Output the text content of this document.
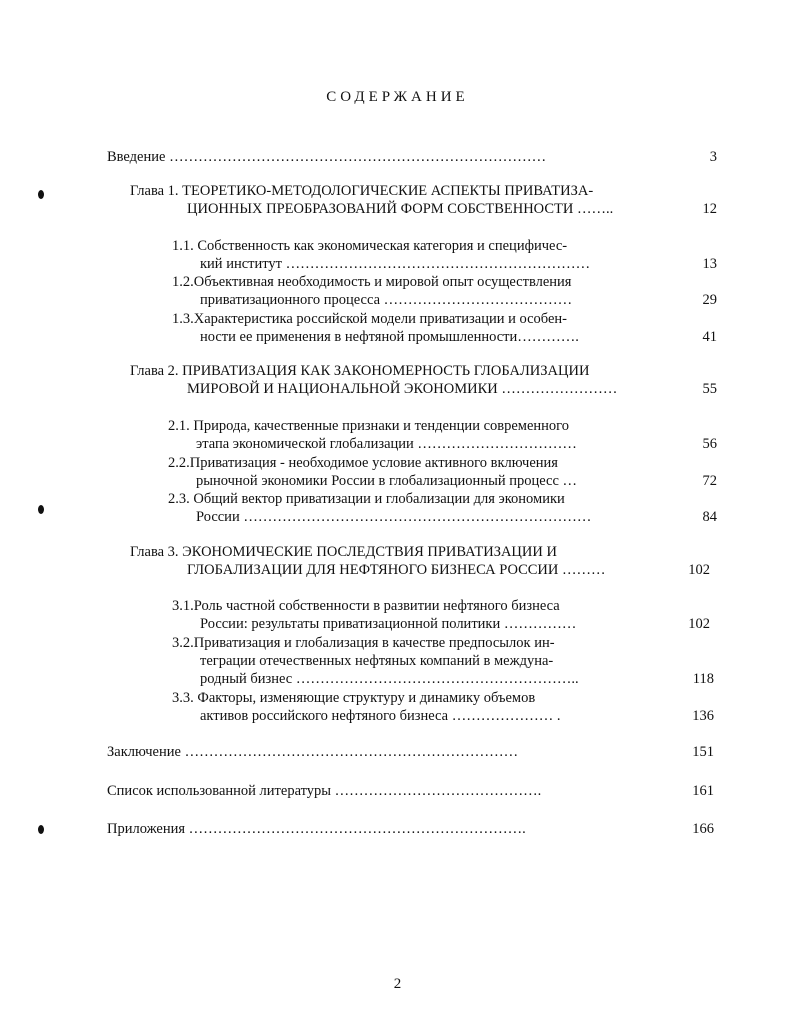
СОДЕРЖАНИЕ
Введение ……………………………………………………………………	3
Глава 1. ТЕОРЕТИКО-МЕТОДОЛОГИЧЕСКИЕ АСПЕКТЫ ПРИВАТИЗА-
ЦИОННЫХ ПРЕОБРАЗОВАНИЙ ФОРМ СОБСТВЕННОСТИ ……..	12
1.1. Собственность как экономическая категория и специфичес-
кий институт ………………………………………………………	13
1.2.Объективная необходимость и мировой опыт осуществления
приватизационного процесса …………………………………	29
1.3.Характеристика российской модели приватизации и особен-
ности ее применения в нефтяной промышленности………….	41
Глава 2. ПРИВАТИЗАЦИЯ КАК ЗАКОНОМЕРНОСТЬ ГЛОБАЛИЗАЦИИ
МИРОВОЙ И НАЦИОНАЛЬНОЙ ЭКОНОМИКИ ……………………	55
2.1. Природа, качественные признаки и тенденции современного
этапа экономической глобализации ……………………………	56
2.2.Приватизация - необходимое условие активного включения
рыночной экономики России в глобализационный процесс …	72
2.3. Общий вектор приватизации и глобализации для экономики
России ………………………………………………………………	84
Глава 3. ЭКОНОМИЧЕСКИЕ ПОСЛЕДСТВИЯ ПРИВАТИЗАЦИИ И
ГЛОБАЛИЗАЦИИ ДЛЯ НЕФТЯНОГО БИЗНЕСА РОССИИ ………	102
3.1.Роль частной собственности в развитии нефтяного бизнеса
России: результаты приватизационной политики ……………	102
3.2.Приватизация и глобализация в качестве предпосылок ин-
теграции отечественных нефтяных компаний в междуна-
родный бизнес …………………………………………………..	118
3.3. Факторы, изменяющие структуру и динамику объемов
активов российского нефтяного бизнеса ………………… .	136
Заключение ……………………………………………………………	151
Список использованной литературы …………………………………….	161
Приложения …………………………………………………………….	166
2
